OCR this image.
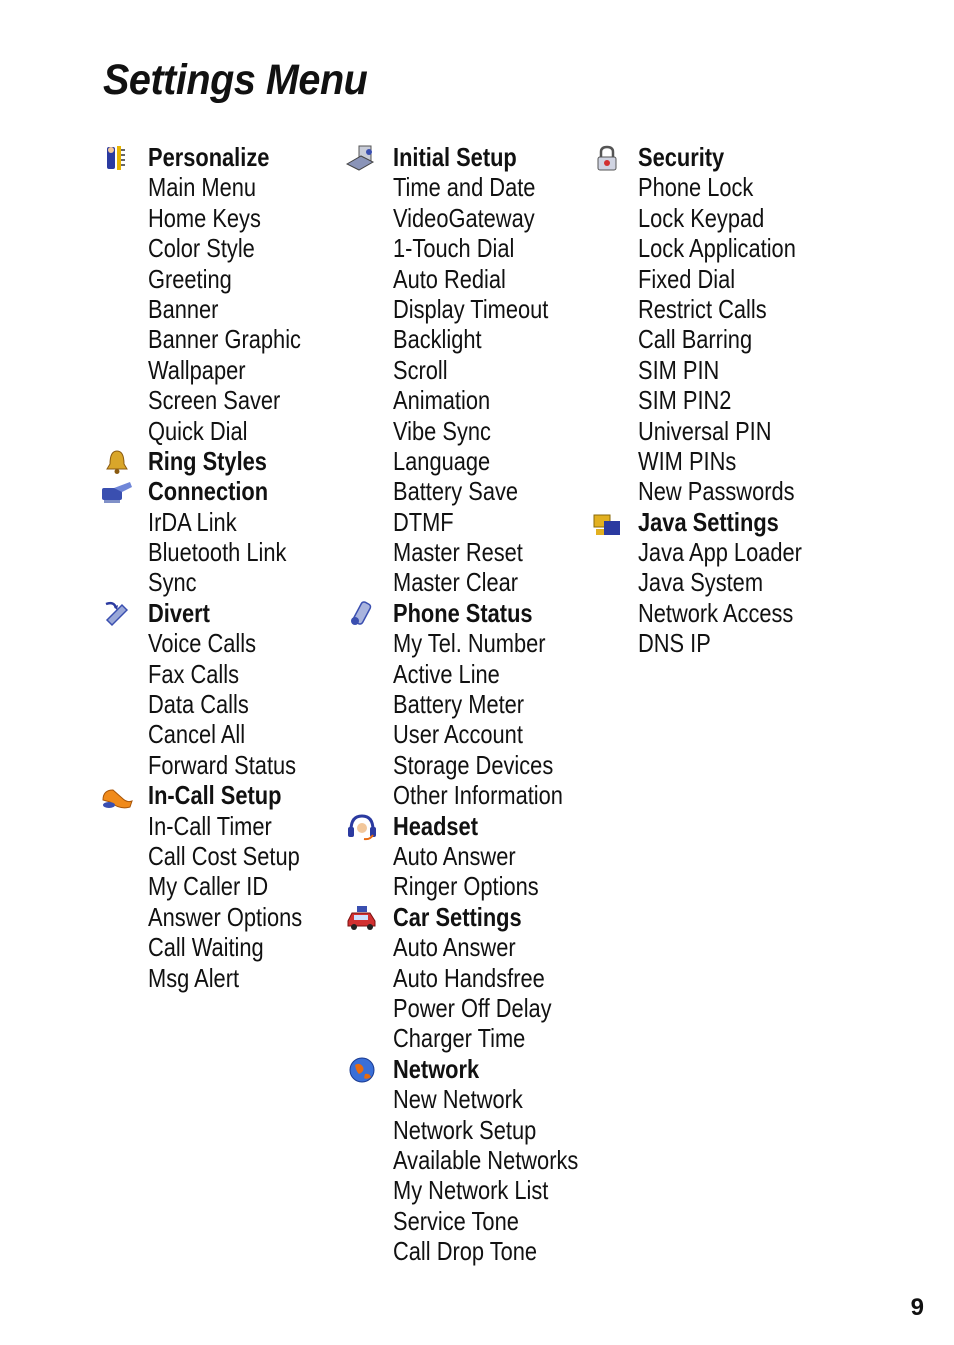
Settings Menu
Personalize
Main Menu
Home Keys
Color Style
Greeting
Banner
Banner Graphic
Wallpaper
Screen Saver
Quick Dial
Ring Styles
Connection
IrDA Link
Bluetooth Link
Sync
Divert
Voice Calls
Fax Calls
Data Calls
Cancel All
Forward Status
In-Call Setup
In-Call Timer
Call Cost Setup
My Caller ID
Answer Options
Call Waiting
Msg Alert
Initial Setup
Time and Date
VideoGateway
1-Touch Dial
Auto Redial
Display Timeout
Backlight
Scroll
Animation
Vibe Sync
Language
Battery Save
DTMF
Master Reset
Master Clear
Phone Status
My Tel. Number
Active Line
Battery Meter
User Account
Storage Devices
Other Information
Headset
Auto Answer
Ringer Options
Car Settings
Auto Answer
Auto Handsfree
Power Off Delay
Charger Time
Network
New Network
Network Setup
Available Networks
My Network List
Service Tone
Call Drop Tone
Security
Phone Lock
Lock Keypad
Lock Application
Fixed Dial
Restrict Calls
Call Barring
SIM PIN
SIM PIN2
Universal PIN
WIM PINs
New Passwords
Java Settings
Java App Loader
Java System
Network Access
DNS IP
9
